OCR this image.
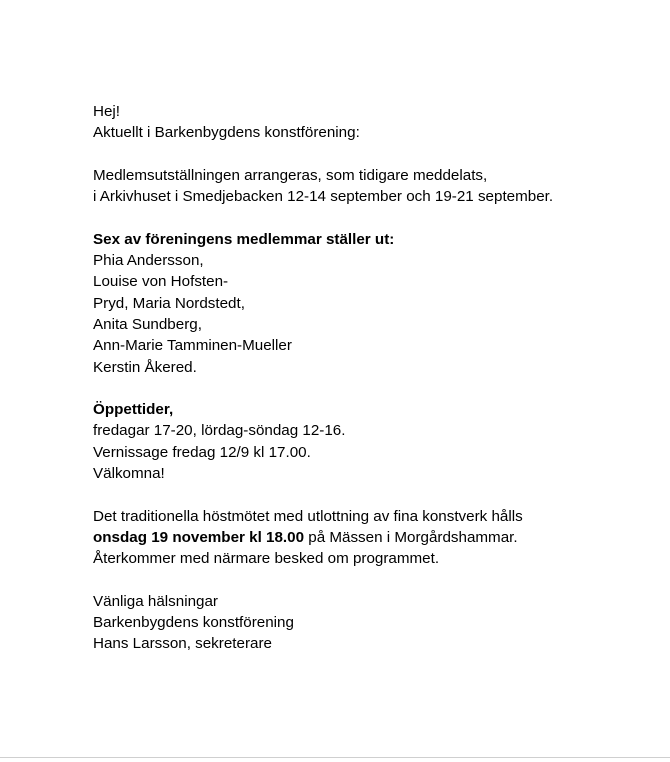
Hej!
Aktuellt i Barkenbygdens konstförening:
Medlemsutställningen arrangeras, som tidigare meddelats,
i Arkivhuset i Smedjebacken 12-14 september och 19-21 september.
Sex av föreningens medlemmar ställer ut:
Phia Andersson,
Louise von Hofsten-
Pryd, Maria Nordstedt,
Anita Sundberg,
Ann-Marie Tamminen-Mueller
Kerstin Åkered.
Öppettider,
fredagar 17-20, lördag-söndag 12-16.
Vernissage fredag 12/9 kl 17.00.
Välkomna!
Det traditionella höstmötet med utlottning av fina konstverk hålls
onsdag 19 november kl 18.00 på Mässen i Morgårdshammar.
Återkommer med närmare besked om programmet.
Vänliga hälsningar
Barkenbygdens konstförening
Hans Larsson, sekreterare
